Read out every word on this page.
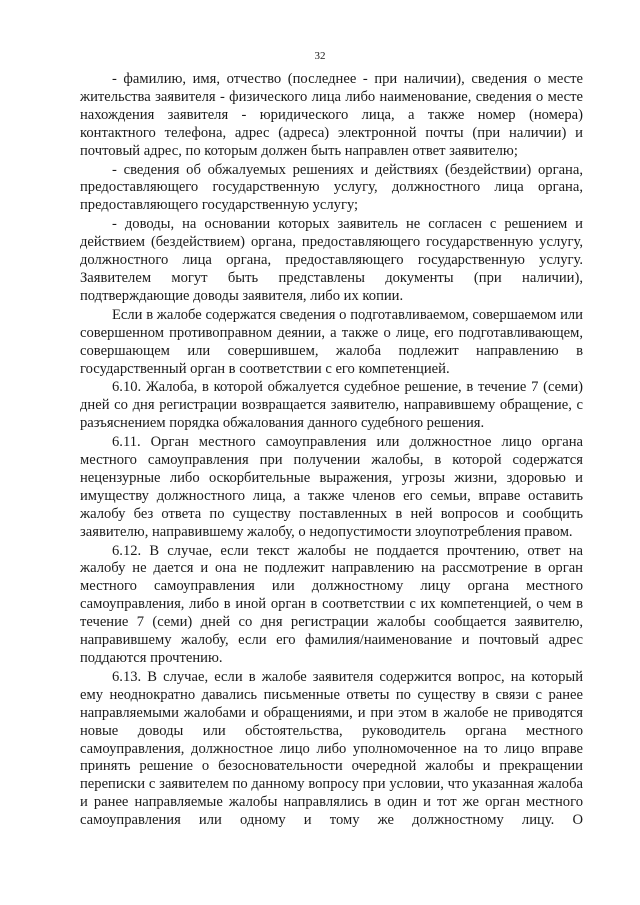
32

- фамилию, имя, отчество (последнее - при наличии), сведения о месте жительства заявителя - физического лица либо наименование, сведения о месте нахождения заявителя - юридического лица, а также номер (номера) контактного телефона, адрес (адреса) электронной почты (при наличии) и почтовый адрес, по которым должен быть направлен ответ заявителю;

- сведения об обжалуемых решениях и действиях (бездействии) органа, предоставляющего государственную услугу, должностного лица органа, предоставляющего государственную услугу;

- доводы, на основании которых заявитель не согласен с решением и действием (бездействием) органа, предоставляющего государственную услугу, должностного лица органа, предоставляющего государственную услугу. Заявителем могут быть представлены документы (при наличии), подтверждающие доводы заявителя, либо их копии.

Если в жалобе содержатся сведения о подготавливаемом, совершаемом или совершенном противоправном деянии, а также о лице, его подготавливающем, совершающем или совершившем, жалоба подлежит направлению в государственный орган в соответствии с его компетенцией.

6.10. Жалоба, в которой обжалуется судебное решение, в течение 7 (семи) дней со дня регистрации возвращается заявителю, направившему обращение, с разъяснением порядка обжалования данного судебного решения.

6.11. Орган местного самоуправления или должностное лицо органа местного самоуправления при получении жалобы, в которой содержатся нецензурные либо оскорбительные выражения, угрозы жизни, здоровью и имуществу должностного лица, а также членов его семьи, вправе оставить жалобу без ответа по существу поставленных в ней вопросов и сообщить заявителю, направившему жалобу, о недопустимости злоупотребления правом.

6.12. В случае, если текст жалобы не поддается прочтению, ответ на жалобу не дается и она не подлежит направлению на рассмотрение в орган местного самоуправления или должностному лицу органа местного самоуправления, либо в иной орган в соответствии с их компетенцией, о чем в течение 7 (семи) дней со дня регистрации жалобы сообщается заявителю, направившему жалобу, если его фамилия/наименование и почтовый адрес поддаются прочтению.

6.13. В случае, если в жалобе заявителя содержится вопрос, на который ему неоднократно давались письменные ответы по существу в связи с ранее направляемыми жалобами и обращениями, и при этом в жалобе не приводятся новые доводы или обстоятельства, руководитель органа местного самоуправления, должностное лицо либо уполномоченное на то лицо вправе принять решение о безосновательности очередной жалобы и прекращении переписки с заявителем по данному вопросу при условии, что указанная жалоба и ранее направляемые жалобы направлялись в один и тот же орган местного самоуправления или одному и тому же должностному лицу. О
